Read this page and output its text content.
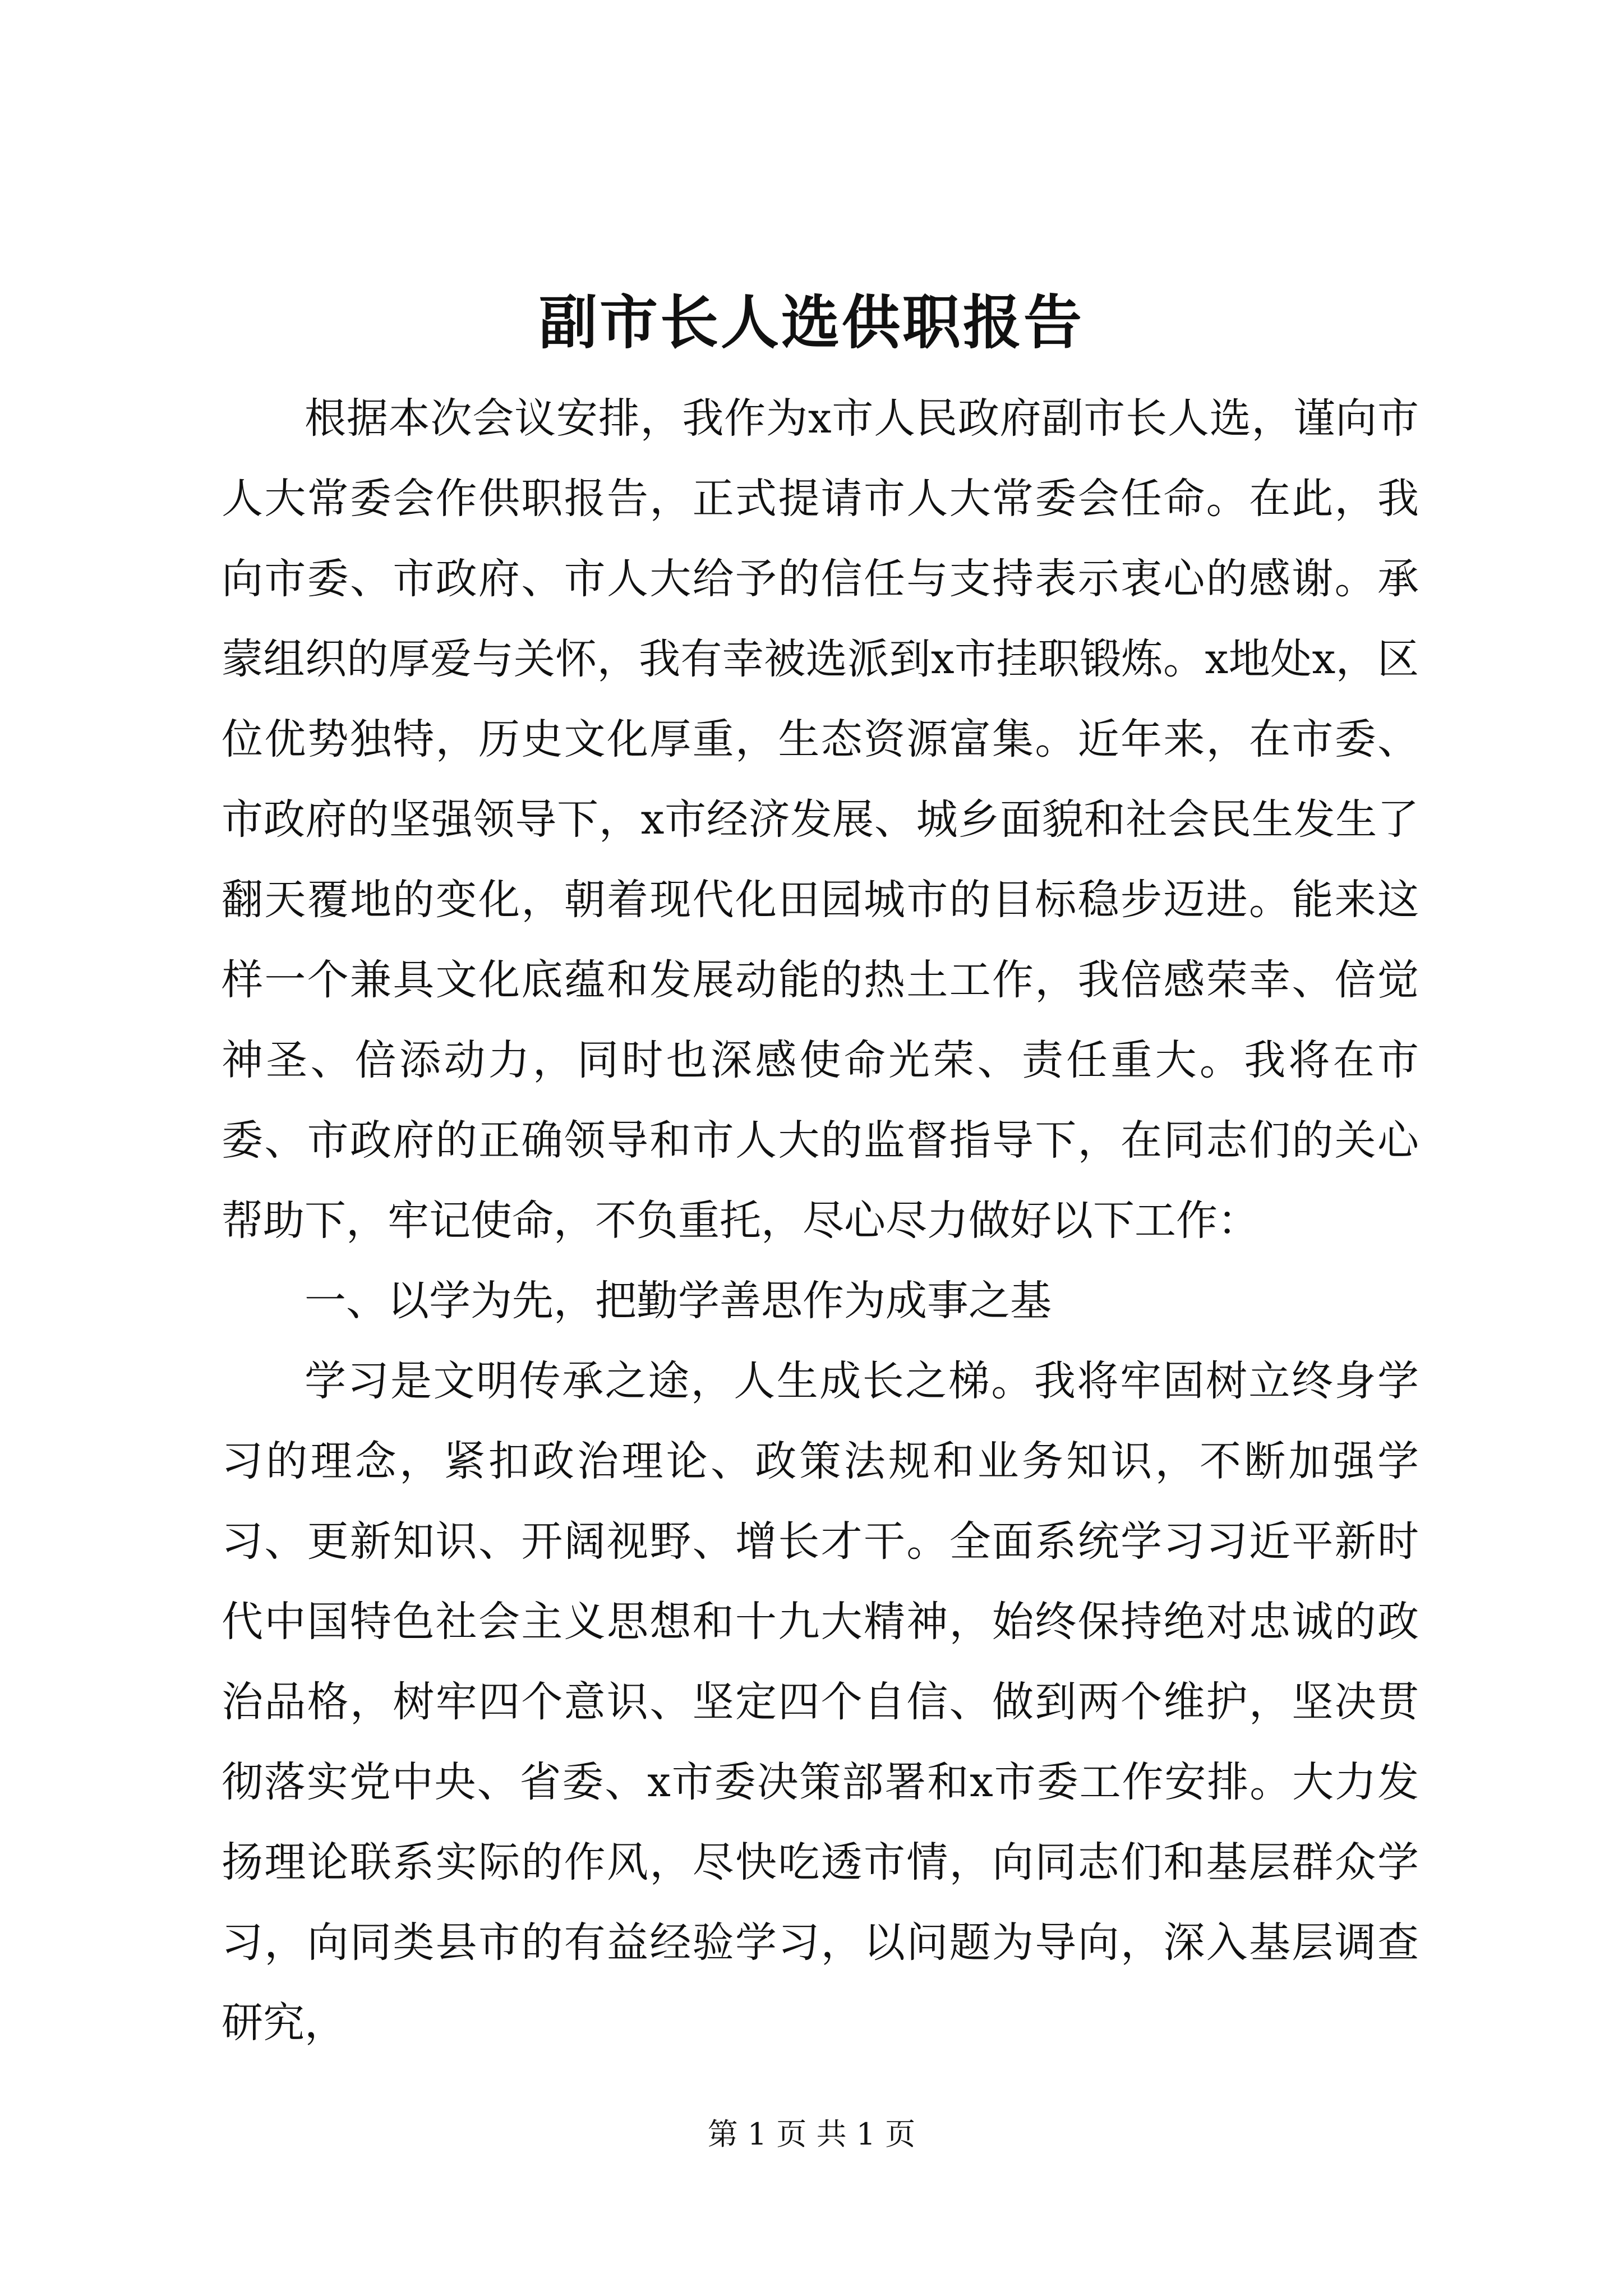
副市长人选供职报告

根据本次会议安排，我作为x市人民政府副市长人选，谨向市人大常委会作供职报告，正式提请市人大常委会任命。在此，我向市委、市政府、市人大给予的信任与支持表示衷心的感谢。承蒙组织的厚爱与关怀，我有幸被选派到x市挂职锻炼。x地处x，区位优势独特，历史文化厚重，生态资源富集。近年来，在市委、市政府的坚强领导下，x市经济发展、城乡面貌和社会民生发生了翻天覆地的变化，朝着现代化田园城市的目标稳步迈进。能来这样一个兼具文化底蕴和发展动能的热土工作，我倍感荣幸、倍觉神圣、倍添动力，同时也深感使命光荣、责任重大。我将在市委、市政府的正确领导和市人大的监督指导下，在同志们的关心帮助下，牢记使命，不负重托，尽心尽力做好以下工作：

一、以学为先，把勤学善思作为成事之基

学习是文明传承之途，人生成长之梯。我将牢固树立终身学习的理念，紧扣政治理论、政策法规和业务知识，不断加强学习、更新知识、开阔视野、增长才干。全面系统学习习近平新时代中国特色社会主义思想和十九大精神，始终保持绝对忠诚的政治品格，树牢四个意识、坚定四个自信、做到两个维护，坚决贯彻落实党中央、省委、x市委决策部署和x市委工作安排。大力发扬理论联系实际的作风，尽快吃透市情，向同志们和基层群众学习，向同类县市的有益经验学习，以问题为导向，深入基层调查研究，

第 1 页 共 1 页
